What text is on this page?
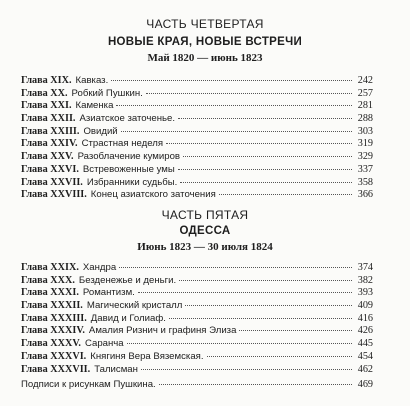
ЧАСТЬ ЧЕТВЕРТАЯ
НОВЫЕ КРАЯ, НОВЫЕ ВСТРЕЧИ
Май 1820 — июнь 1823
Глава XIX. Кавказ.	242
Глава XX. Робкий Пушкин.	257
Глава XXI. Каменка	281
Глава XXII. Азиатское заточенье.	288
Глава XXIII. Овидий	303
Глава XXIV. Страстная неделя	319
Глава XXV. Разоблачение кумиров	329
Глава XXVI. Встревоженные умы	337
Глава XXVII. Избранники судьбы.	358
Глава XXVIII. Конец азиатского заточения	366
ЧАСТЬ ПЯТАЯ
ОДЕССА
Июнь 1823 — 30 июля 1824
Глава XXIX. Хандра	374
Глава XXX. Безденежье и деньги.	382
Глава XXXI. Романтизм.	393
Глава XXXII. Магический кристалл	409
Глава XXXIII. Давид и Голиаф.	416
Глава XXXIV. Амалия Ризнич и графиня Элиза	426
Глава XXXV. Саранча	445
Глава XXXVI. Княгиня Вера Вяземская.	454
Глава XXXVII. Талисман	462
Подписи к рисункам Пушкина.	469
